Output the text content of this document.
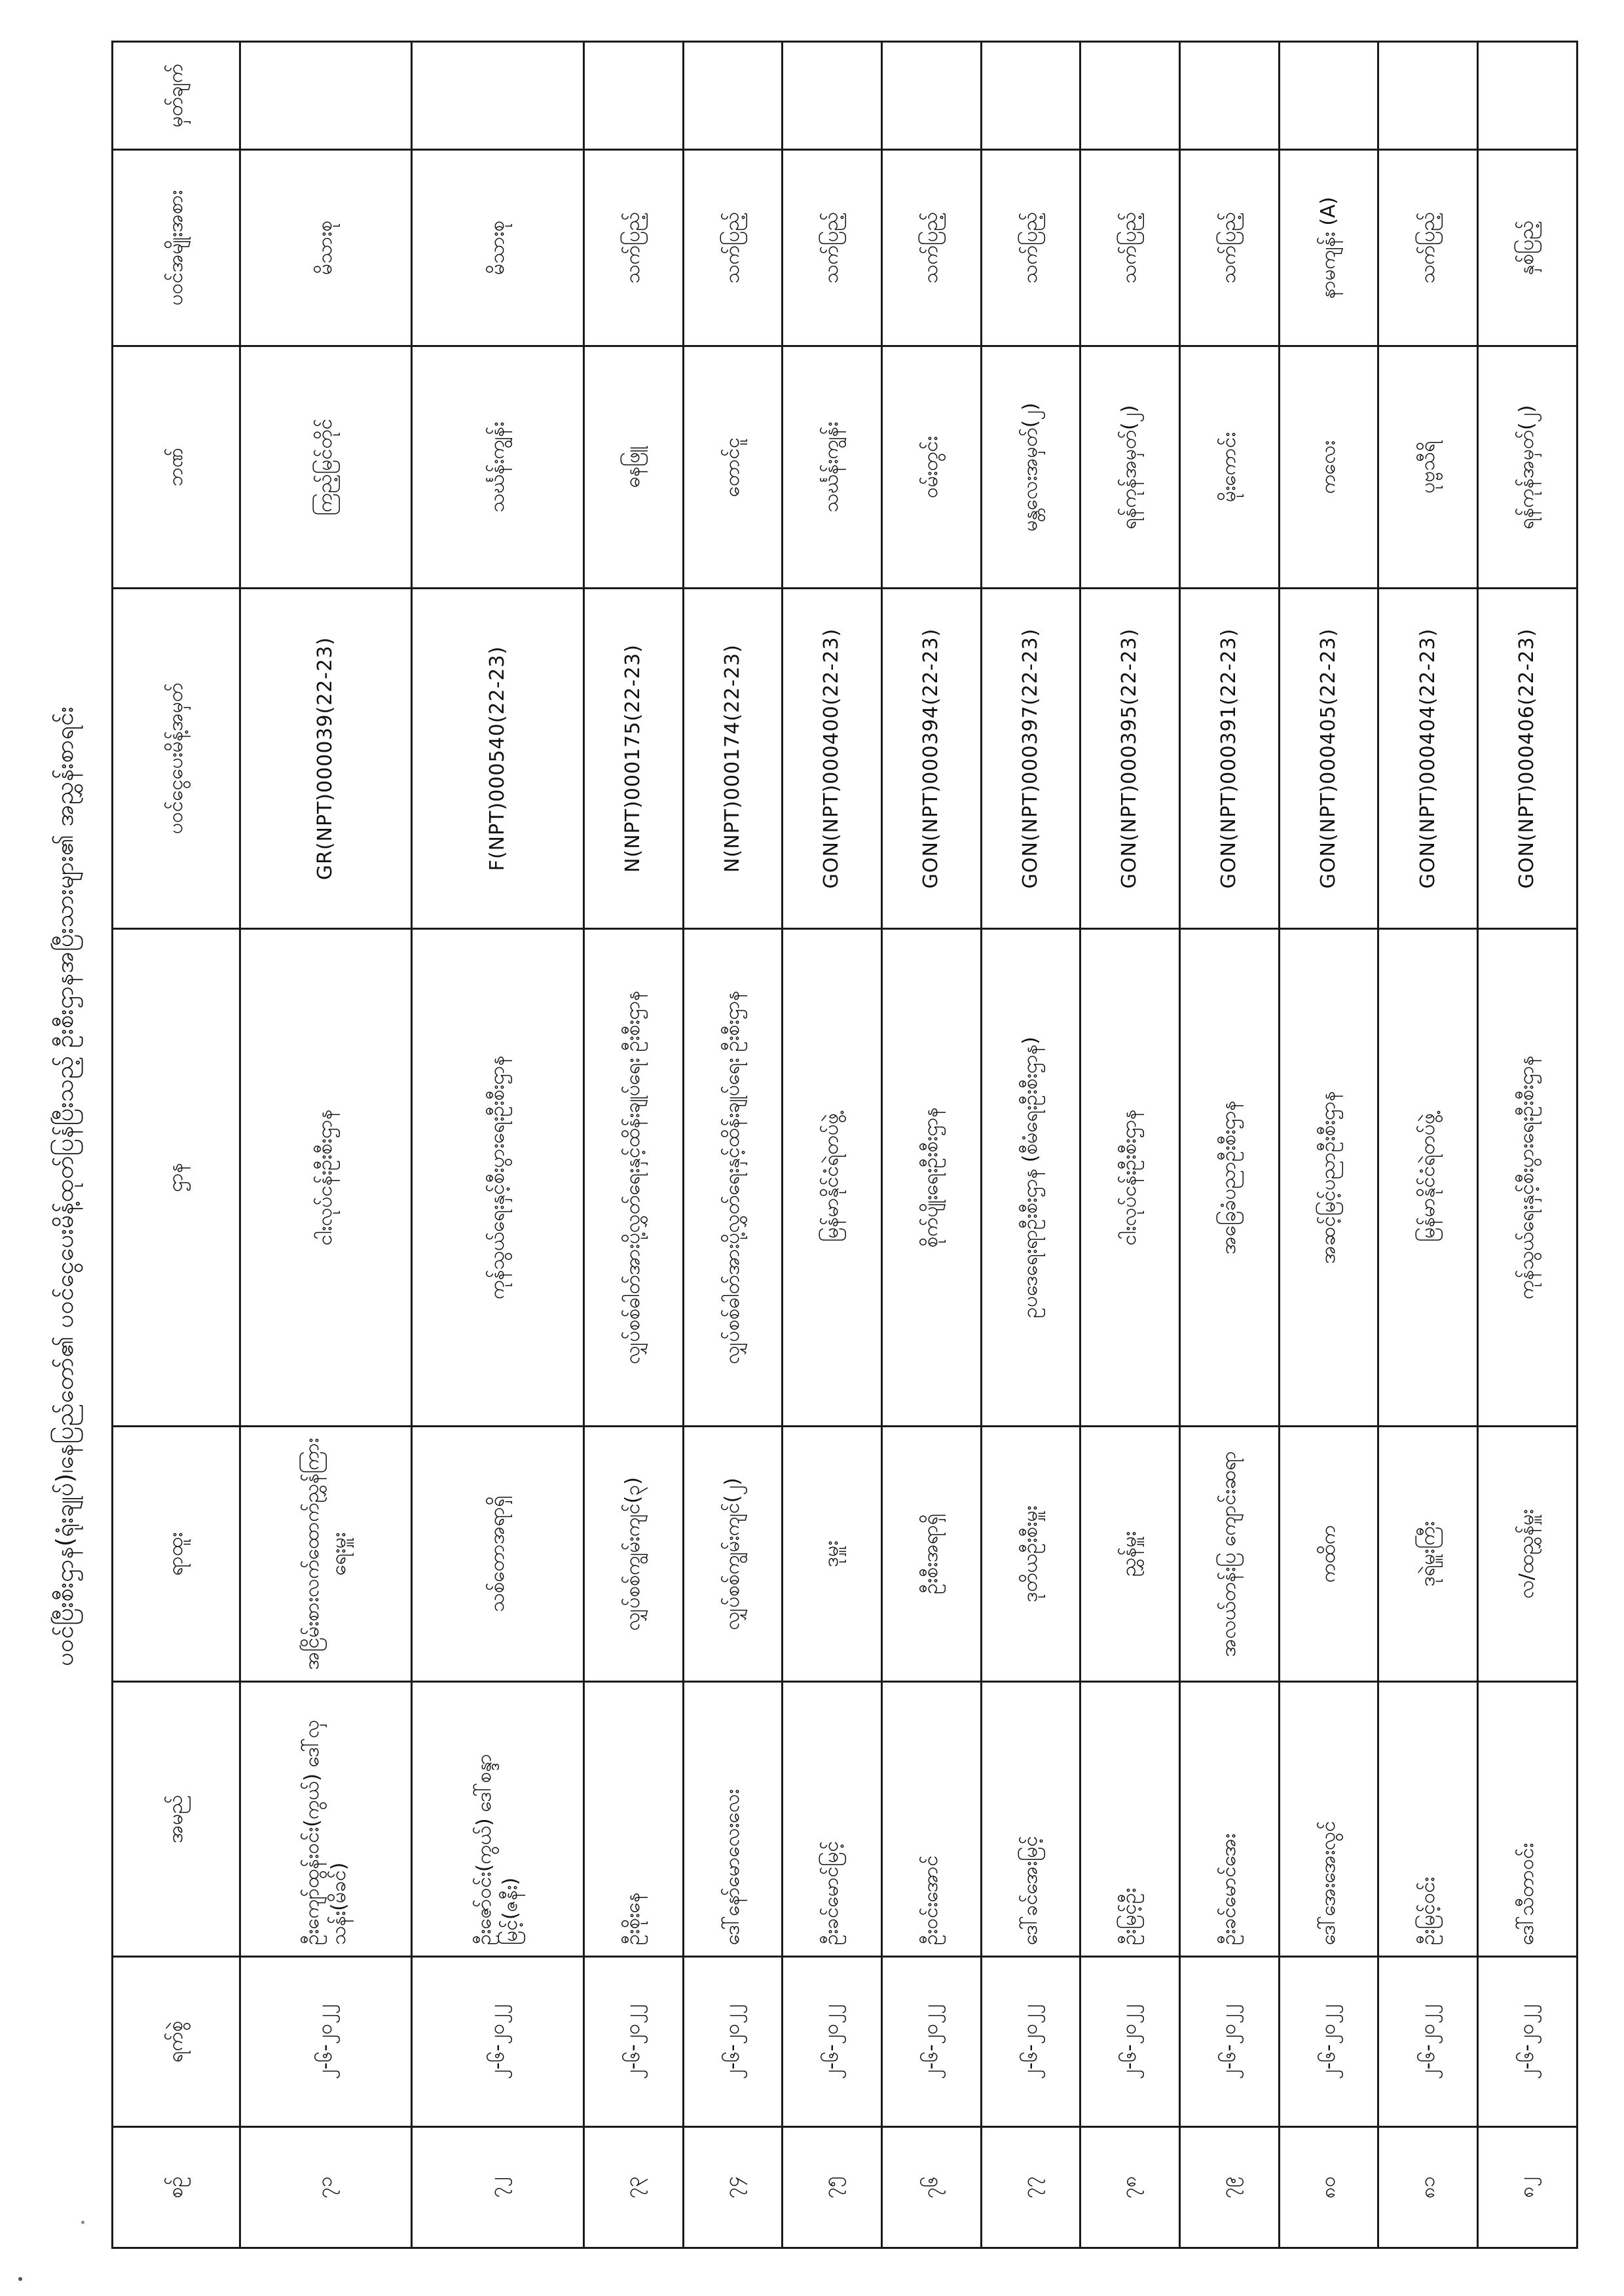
ပဝင်ပြီးစီးဌာန(ရုံးချုပ်)၊နေပြည်တော်၏ ပဝင်ငွေပေးမိန့်ထုတ်ပြန်ပြီးသည့် ဦးစီးဌာနအပြီးသားများ၏ အညွှန်းစာရင်း
စဥ်	ရက်စွဲ	အမည်	ရာထူး	ဌာန	ပဝင်ငွေပေးမိန့်အမှတ်	ဘဏ်	ပဝင်အမျိုးအစား	မှတ်ချက်
၇၁	၂-၆-၂၀၂၂	ဦးကျော်ထွန်းဝင်း(ကွယ်) ဒေါ်လှသန်း(မိခင်)	အငြိမ်းစားလက်ထောက်ညွှန်ကြားရေးမှူး	ငါးလုပ်ငန်းဦးစီးဌာန	GR(NPT)000039(22-23)	ကြည့်မြင်တိုင်	မိသားစု	
၇၂	၂-၆-၂၀၂၂	ဦးဇော်ဝင်း(ကွယ်) ဒေါ်စန္ဒာမြင့်(ဇနီး)	သစ်တောအရာရှိ	ကုန်သွယ်ရေးနှင့်စီးပွားရေးဦးစီးဌာန	F(NPT)000540(22-23)	သင်္ဃန်းကျွန်း	မိသားစု	
၇၃	၂-၆-၂၀၂၂	ဦးစိုးနေ	လျှပ်စစ်ကျွမ်းကျင်(၃)	လျှပ်စစ်ဓါတ်အားပို့လွှတ်ရေးနှင့်ထိန်းချုပ်ရေး ဦးစီးဌာန	N(NPT)000175(22-23)	ဓနဖြူ	သက်ပြည့်	
၇၄	၂-၆-၂၀၂၂	ဒေါ်နော်မောလေးလေး	လျှပ်စစ်ကျွမ်းကျင်(၂)	လျှပ်စစ်ဓါတ်အားပို့လွှတ်ရေးနှင့်ထိန်းချုပ်ရေး ဦးစီးဌာန	N(NPT)000174(22-23)	တောင်ငူ	သက်ပြည့်	
၇၅	၂-၆-၂၀၂၂	ဦးခင်မောင်မြင့်	ဒုမှူး	မြန်မာနိုင်ငံရဲတပ်ဖွဲ့	GON(NPT)000400(22-23)	သင်္ဃန်းကျွန်း	သက်ပြည့်	
၇၆	၂-၆-၂၀၂၂	ဦးဝင်းအောင်	ဦးစီးအရာရှိ	စိုက်ပျိုးရေးဦးစီးဌာန	GON(NPT)000394(22-23)	ဝမ်းတွင်း	သက်ပြည့်	
၇၇	၂-၆-၂၀၂၂	ဒေါ်ခင်အေးမြင့်	ဒုတိယဦးစီးမှူး	ဥပဒေရေးရာဦးစီးဌာန (စီမံရေးဦးစီးဌာန)	GON(NPT)000397(22-23)	မန္တလေးအမှတ်(၂)	သက်ပြည့်	
၇၈	၂-၆-၂၀၂၂	ဦးမြင့်ဦး	ညွှန်မှူး	ငါးလုပ်ငန်းဦးစီးဌာန	GON(NPT)000395(22-23)	ရန်ကုန်အမှတ်(၂)	သက်ပြည့်	
၇၉	၂-၆-၂၀၂၂	ဦးခင်မောင်အေး	အလယ်တန်းပြ ကျောင်းဆရာ	အခြေခံပညာဦးစီးဌာန	GON(NPT)000391(22-23)	မိုးကောင်း	သက်ပြည့်	
၈၀	၂-၆-၂၀၂၂	ဒေါ်အေးအေးလွင်	ကထိက	အဆင့်မြင့်ပညာဦးစီးဌာန	GON(NPT)000405(22-23)	ကလေး	နာမကျန်း (A)	
၈၁	၂-၆-၂၀၂၂	ဦးမြင့်ဝင်း	ဒုရဲမှူးကြီး	မြန်မာနိုင်ငံရဲတပ်ဖွဲ့	GON(NPT)000404(22-23)	ပုဗ္ဗသီရိ	သက်ပြည့်	
၈၂	၂-၆-၂၀၂၂	ဒေါ်သီတာဝင်း	လ/ထညွှန်မှူး	ကုန်သွယ်ရေးနှင့်စီးပွားရေးဦးစီးဌာန	GON(NPT)000406(22-23)	ရန်ကုန်အမှတ်(၂)	နှစ်ပြည့်	
